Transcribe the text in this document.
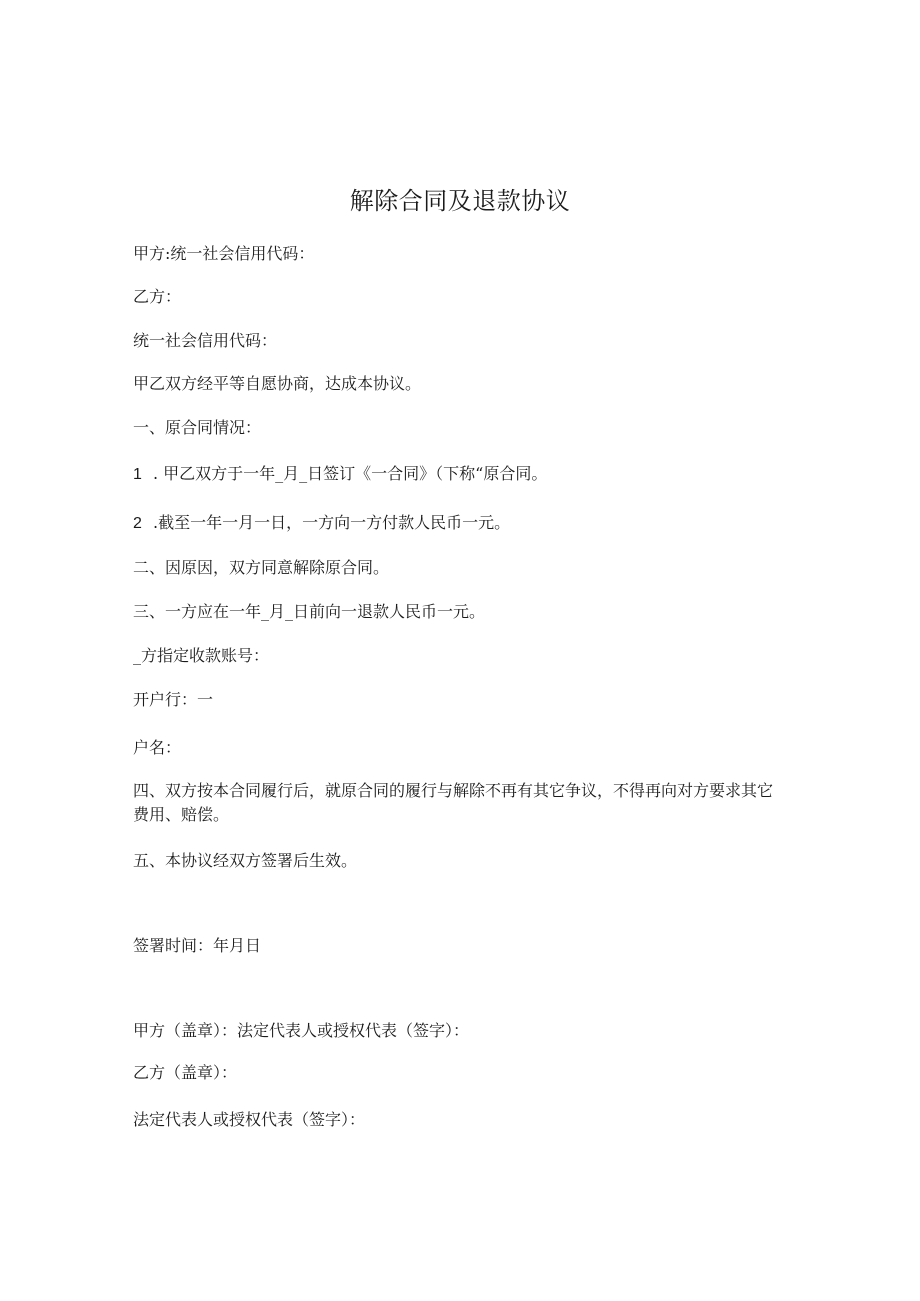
解除合同及退款协议
甲方:统一社会信用代码：
乙方：
统一社会信用代码：
甲乙双方经平等自愿协商，达成本协议。
一、原合同情况：
1 . 甲乙双方于一年_月_日签订《一合同》（下称“原合同。
2 .截至一年一月一日，一方向一方付款人民币一元。
二、因原因，双方同意解除原合同。
三、一方应在一年_月_日前向一退款人民币一元。
_方指定收款账号：
开户行：一
户名：
四、双方按本合同履行后，就原合同的履行与解除不再有其它争议，不得再向对方要求其它费用、赔偿。
五、本协议经双方签署后生效。
签署时间：年月日
甲方（盖章）：法定代表人或授权代表（签字）：
乙方（盖章）：
法定代表人或授权代表（签字）：
